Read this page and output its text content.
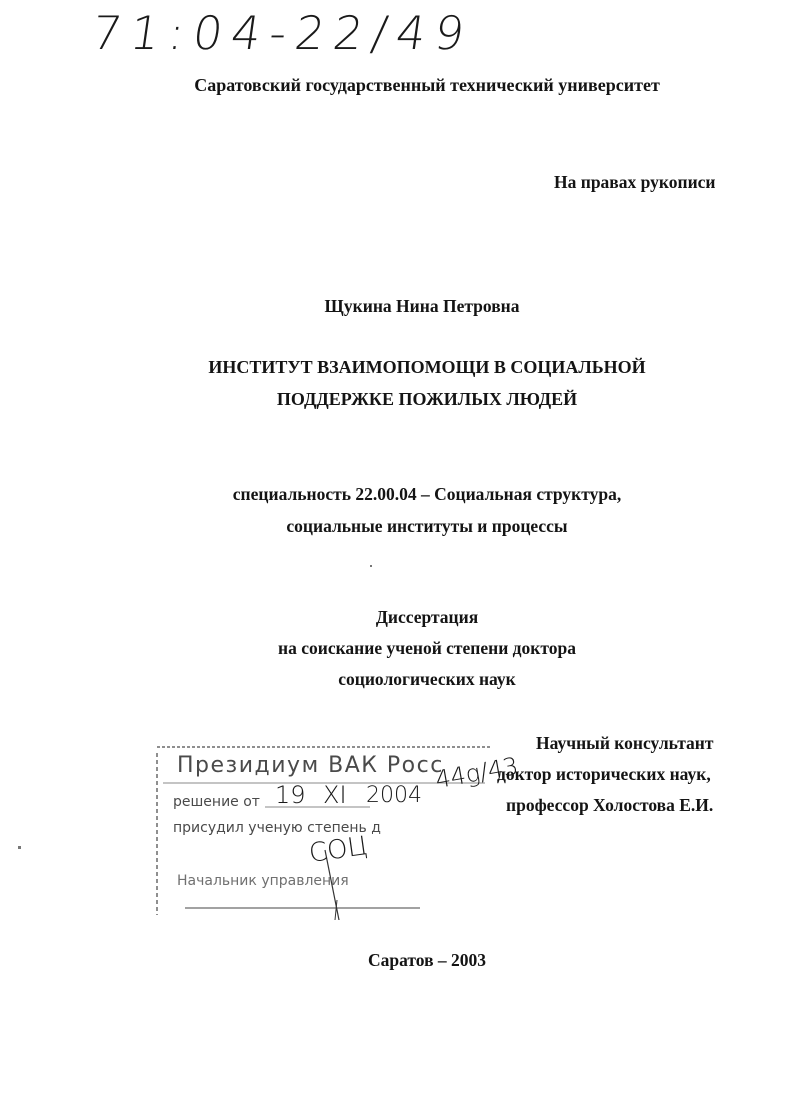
71:04-22/49
Саратовский государственный технический университет
На правах рукописи
Щукина Нина Петровна
ИНСТИТУТ ВЗАИМОПОМОЩИ В СОЦИАЛЬНОЙ
ПОДДЕРЖКЕ ПОЖИЛЫХ ЛЮДЕЙ
специальность 22.00.04 – Социальная структура,
социальные институты и процессы
Диссертация
на соискание ученой степени доктора
социологических наук
Научный консультант
доктор исторических наук,
профессор Холостова Е.И.
Президиум ВАК Росс
решение от 19 XI 2004
44g/43
присудил ученую степень д
СОЦ
Начальник управления
Саратов – 2003
